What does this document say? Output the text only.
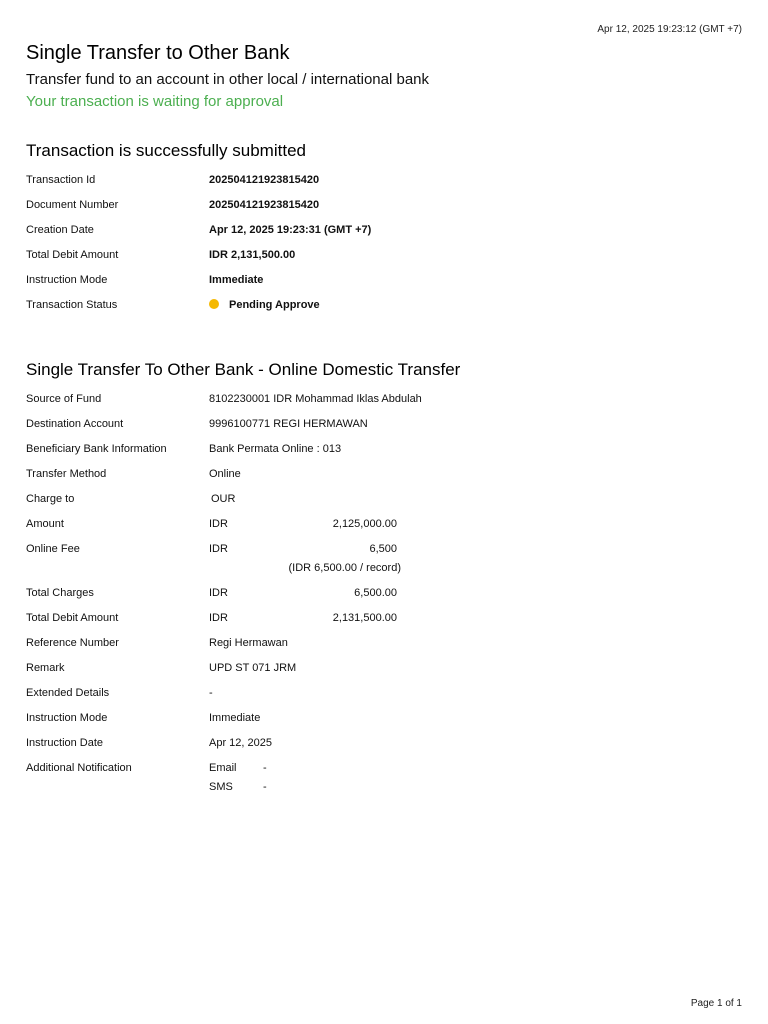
Apr 12, 2025 19:23:12 (GMT +7)
Single Transfer to Other Bank
Transfer fund to an account in other local / international bank
Your transaction is waiting for approval
Transaction is successfully submitted
Transaction Id	202504121923815420
Document Number	202504121923815420
Creation Date	Apr 12, 2025 19:23:31 (GMT +7)
Total Debit Amount	IDR 2,131,500.00
Instruction Mode	Immediate
Transaction Status	Pending Approve
Single Transfer To Other Bank - Online Domestic Transfer
Source of Fund	8102230001 IDR Mohammad Iklas Abdulah
Destination Account	9996100771 REGI HERMAWAN
Beneficiary Bank Information	Bank Permata Online : 013
Transfer Method	Online
Charge to	OUR
Amount	IDR	2,125,000.00
Online Fee	IDR	6,500
(IDR 6,500.00 / record)
Total Charges	IDR	6,500.00
Total Debit Amount	IDR	2,131,500.00
Reference Number	Regi Hermawan
Remark	UPD ST 071 JRM
Extended Details	-
Instruction Mode	Immediate
Instruction Date	Apr 12, 2025
Additional Notification	Email -
SMS	-
Page 1 of 1
